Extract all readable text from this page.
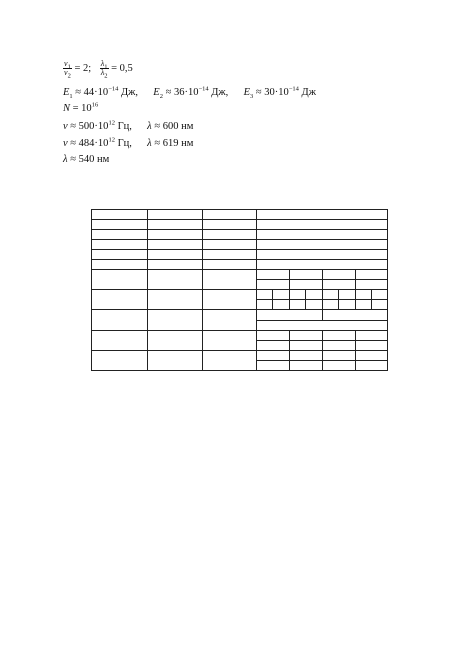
$\frac{\nu_1}{\nu_2} = 2$; $\frac{\lambda_1}{\lambda_2} = 0,5$
$E_1 \approx 44\cdot 10^{-14}$ Дж, $E_2 \approx 36\cdot 10^{-14}$ Дж, $E_3 \approx 30\cdot 10^{-14}$ Дж
$N = 10^{16}$
$\nu \approx 500\cdot 10^{12}$ Гц, λ ≈ 600 нм
$\nu \approx 484\cdot 10^{12}$ Гц, λ ≈ 619 нм
λ ≈ 540 нм
